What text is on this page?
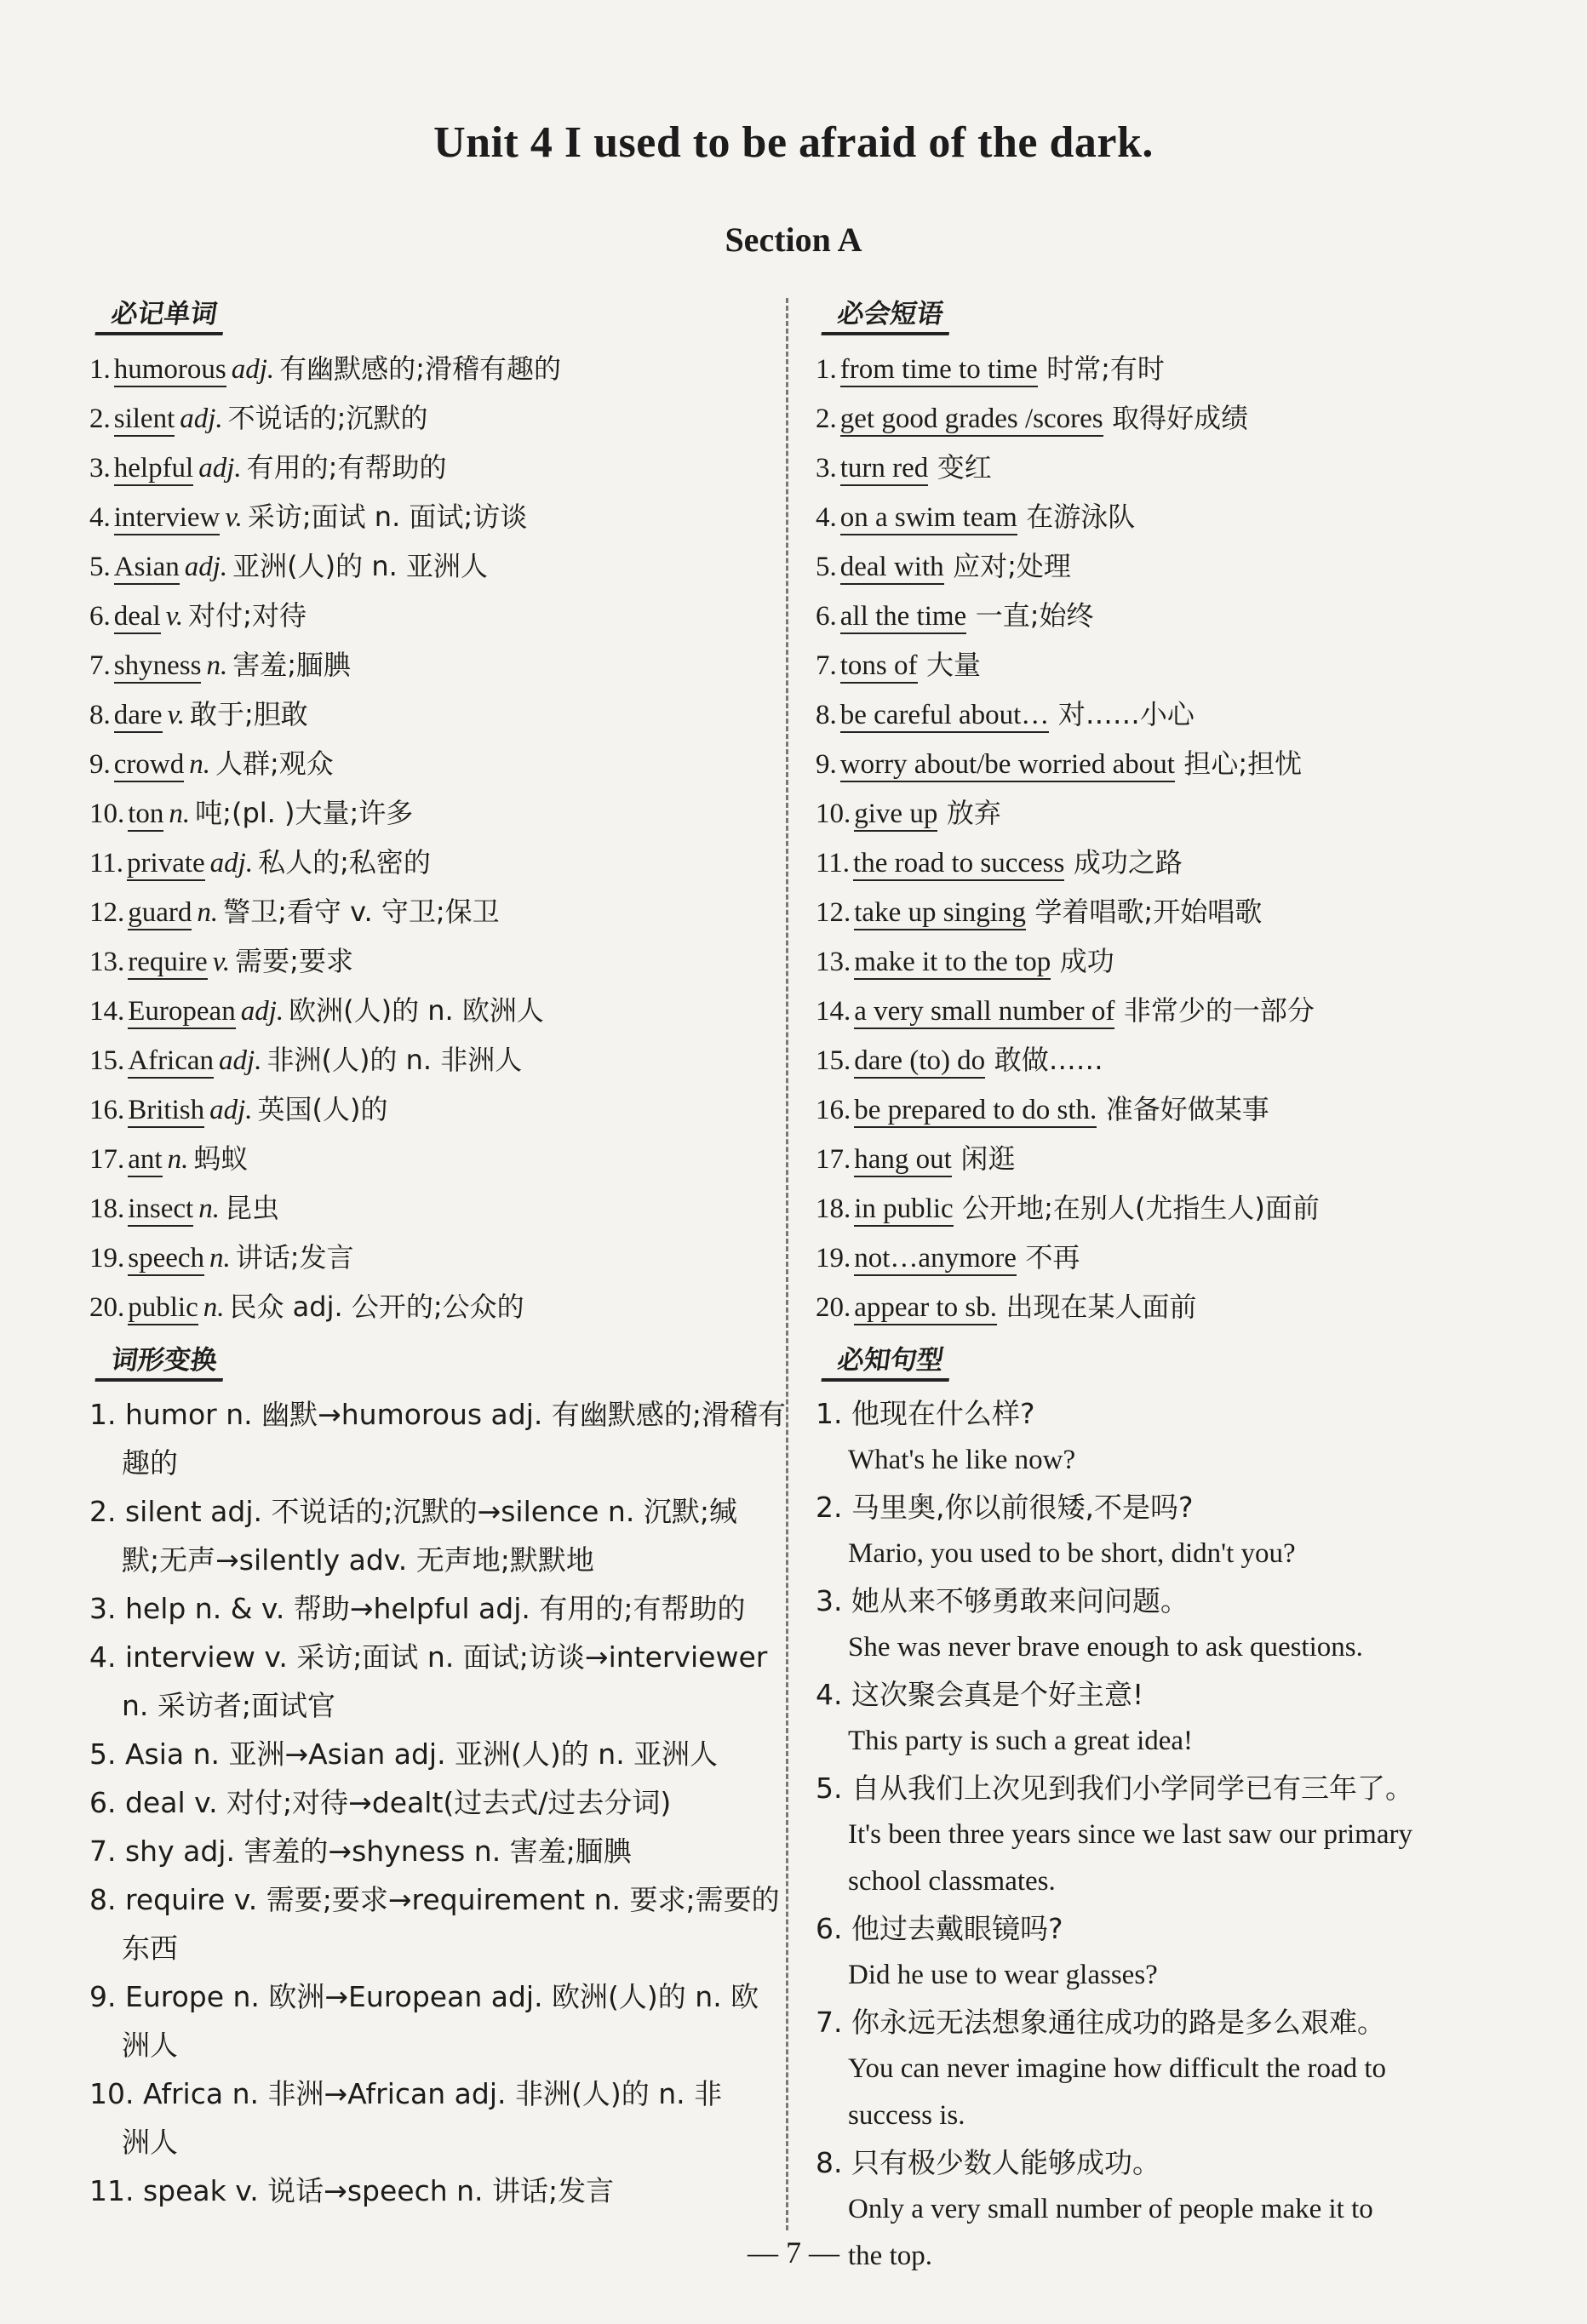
Unit 4 I used to be afraid of the dark.
Section A
必记单词
1. humorous adj. 有幽默感的;滑稽有趣的
2. silent adj. 不说话的;沉默的
3. helpful adj. 有用的;有帮助的
4. interview v. 采访;面试 n. 面试;访谈
5. Asian adj. 亚洲(人)的 n. 亚洲人
6. deal v. 对付;对待
7. shyness n. 害羞;腼腆
8. dare v. 敢于;胆敢
9. crowd n. 人群;观众
10. ton n. 吨;(pl. )大量;许多
11. private adj. 私人的;私密的
12. guard n. 警卫;看守 v. 守卫;保卫
13. require v. 需要;要求
14. European adj. 欧洲(人)的 n. 欧洲人
15. African adj. 非洲(人)的 n. 非洲人
16. British adj. 英国(人)的
17. ant n. 蚂蚁
18. insect n. 昆虫
19. speech n. 讲话;发言
20. public n. 民众 adj. 公开的;公众的
词形变换
1. humor n. 幽默→humorous adj. 有幽默感的;滑稽有
趣的
2. silent adj. 不说话的;沉默的→silence n. 沉默;缄
默;无声→silently adv. 无声地;默默地
3. help n. & v. 帮助→helpful adj. 有用的;有帮助的
4. interview v. 采访;面试 n. 面试;访谈→interviewer
n. 采访者;面试官
5. Asia n. 亚洲→Asian adj. 亚洲(人)的 n. 亚洲人
6. deal v. 对付;对待→dealt(过去式/过去分词)
7. shy adj. 害羞的→shyness n. 害羞;腼腆
8. require v. 需要;要求→requirement n. 要求;需要的
东西
9. Europe n. 欧洲→European adj. 欧洲(人)的 n. 欧
洲人
10. Africa n. 非洲→African adj. 非洲(人)的 n. 非
洲人
11. speak v. 说话→speech n. 讲话;发言
必会短语
1. from time to time 时常;有时
2. get good grades /scores 取得好成绩
3. turn red 变红
4. on a swim team 在游泳队
5. deal with 应对;处理
6. all the time 一直;始终
7. tons of 大量
8. be careful about… 对……小心
9. worry about/be worried about 担心;担忧
10. give up 放弃
11. the road to success 成功之路
12. take up singing 学着唱歌;开始唱歌
13. make it to the top 成功
14. a very small number of 非常少的一部分
15. dare (to) do 敢做……
16. be prepared to do sth. 准备好做某事
17. hang out 闲逛
18. in public 公开地;在别人(尤指生人)面前
19. not…anymore 不再
20. appear to sb. 出现在某人面前
必知句型
1. 他现在什么样?
What's he like now?
2. 马里奥,你以前很矮,不是吗?
Mario, you used to be short, didn't you?
3. 她从来不够勇敢来问问题。
She was never brave enough to ask questions.
4. 这次聚会真是个好主意!
This party is such a great idea!
5. 自从我们上次见到我们小学同学已有三年了。
It's been three years since we last saw our primary
school classmates.
6. 他过去戴眼镜吗?
Did he use to wear glasses?
7. 你永远无法想象通往成功的路是多么艰难。
You can never imagine how difficult the road to
success is.
8. 只有极少数人能够成功。
Only a very small number of people make it to
the top.
— 7 —
